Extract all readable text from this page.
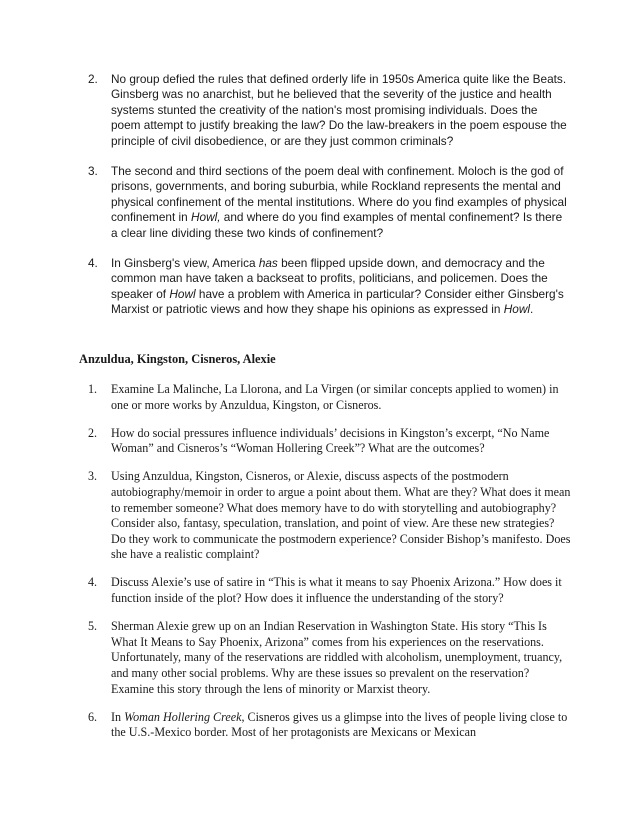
2. No group defied the rules that defined orderly life in 1950s America quite like the Beats. Ginsberg was no anarchist, but he believed that the severity of the justice and health systems stunted the creativity of the nation's most promising individuals. Does the poem attempt to justify breaking the law? Do the law-breakers in the poem espouse the principle of civil disobedience, or are they just common criminals?
3. The second and third sections of the poem deal with confinement. Moloch is the god of prisons, governments, and boring suburbia, while Rockland represents the mental and physical confinement of the mental institutions. Where do you find examples of physical confinement in Howl, and where do you find examples of mental confinement? Is there a clear line dividing these two kinds of confinement?
4. In Ginsberg's view, America has been flipped upside down, and democracy and the common man have taken a backseat to profits, politicians, and policemen. Does the speaker of Howl have a problem with America in particular? Consider either Ginsberg's Marxist or patriotic views and how they shape his opinions as expressed in Howl.
Anzuldua, Kingston, Cisneros, Alexie
1. Examine La Malinche, La Llorona, and La Virgen (or similar concepts applied to women) in one or more works by Anzuldua, Kingston, or Cisneros.
2. How do social pressures influence individuals’ decisions in Kingston’s excerpt, “No Name Woman” and Cisneros’s “Woman Hollering Creek”? What are the outcomes?
3. Using Anzuldua, Kingston, Cisneros, or Alexie, discuss aspects of the postmodern autobiography/memoir in order to argue a point about them. What are they? What does it mean to remember someone? What does memory have to do with storytelling and autobiography? Consider also, fantasy, speculation, translation, and point of view. Are these new strategies? Do they work to communicate the postmodern experience? Consider Bishop’s manifesto. Does she have a realistic complaint?
4. Discuss Alexie’s use of satire in “This is what it means to say Phoenix Arizona.” How does it function inside of the plot? How does it influence the understanding of the story?
5. Sherman Alexie grew up on an Indian Reservation in Washington State. His story “This Is What It Means to Say Phoenix, Arizona” comes from his experiences on the reservations. Unfortunately, many of the reservations are riddled with alcoholism, unemployment, truancy, and many other social problems. Why are these issues so prevalent on the reservation? Examine this story through the lens of minority or Marxist theory.
6. In Woman Hollering Creek, Cisneros gives us a glimpse into the lives of people living close to the U.S.-Mexico border. Most of her protagonists are Mexicans or Mexican
